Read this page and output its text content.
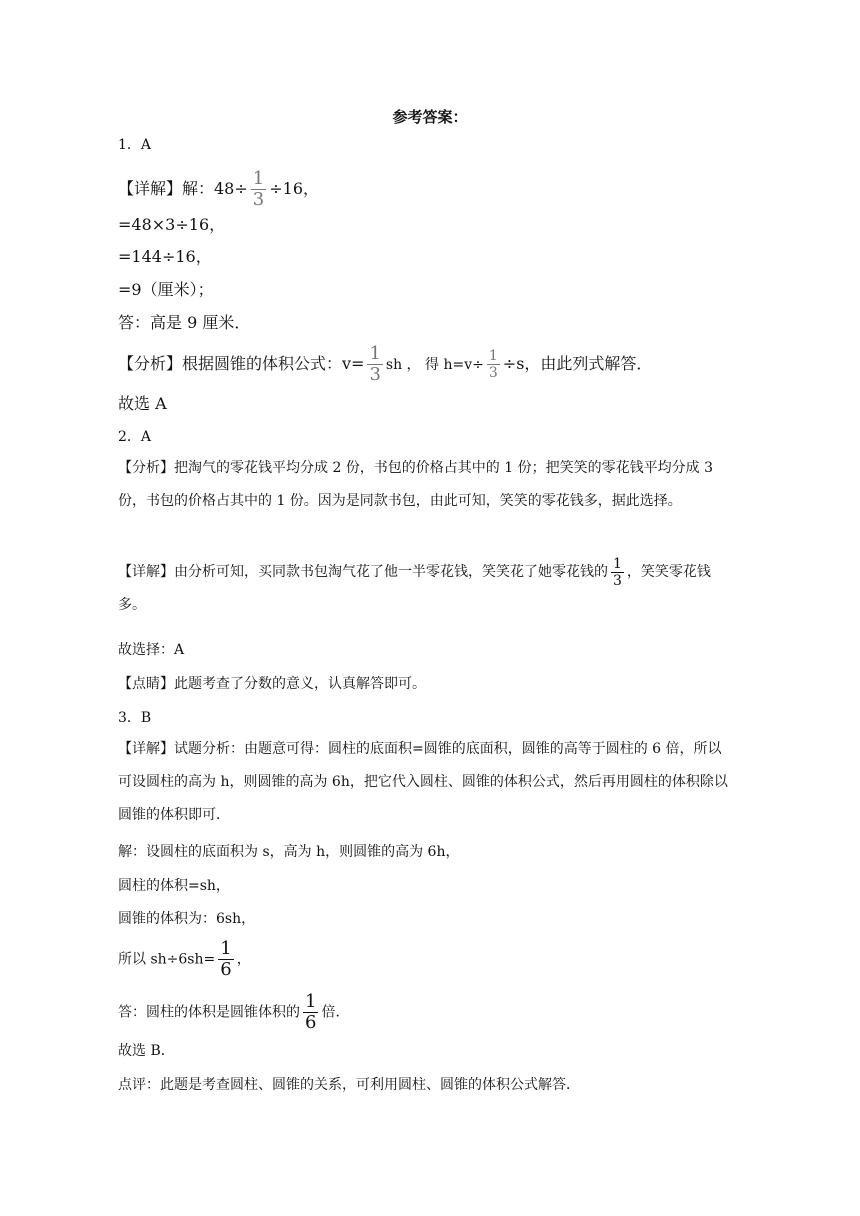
参考答案：
1．A
【详解】解：$48\div \frac{1}{3} \div 16$，
=48×3÷16，
=144÷16，
=9（厘米）；
答：高是 9 厘米．
【分析】根据圆锥的体积公式：$v= \frac{1}{3}$ sh ， 得 $h=v\div \frac{1}{3} \div s$，由此列式解答．
故选 A
2．A
【分析】把淘气的零花钱平均分成 2 份，书包的价格占其中的 1 份；把笑笑的零花钱平均分成 3 份，书包的价格占其中的 1 份。因为是同款书包，由此可知，笑笑的零花钱多，据此选择。
【详解】由分析可知，买同款书包淘气花了他一半零花钱，笑笑花了她零花钱的 $\frac{1}{3}$ ，笑笑零花钱多。
故选择：A
【点睛】此题考查了分数的意义，认真解答即可。
3．B
【详解】试题分析：由题意可得：圆柱的底面积=圆锥的底面积，圆锥的高等于圆柱的 6 倍，所以可设圆柱的高为 h，则圆锥的高为 6h，把它代入圆柱、圆锥的体积公式，然后再用圆柱的体积除以圆锥的体积即可．
解：设圆柱的底面积为 s，高为 h，则圆锥的高为 6h，
圆柱的体积=sh，
圆锥的体积为：6sh，
所以 $sh\div 6sh= \frac{1}{6}$ ，
答：圆柱的体积是圆锥体积的 $\frac{1}{6}$ 倍．
故选 B．
点评：此题是考查圆柱、圆锥的关系，可利用圆柱、圆锥的体积公式解答．
